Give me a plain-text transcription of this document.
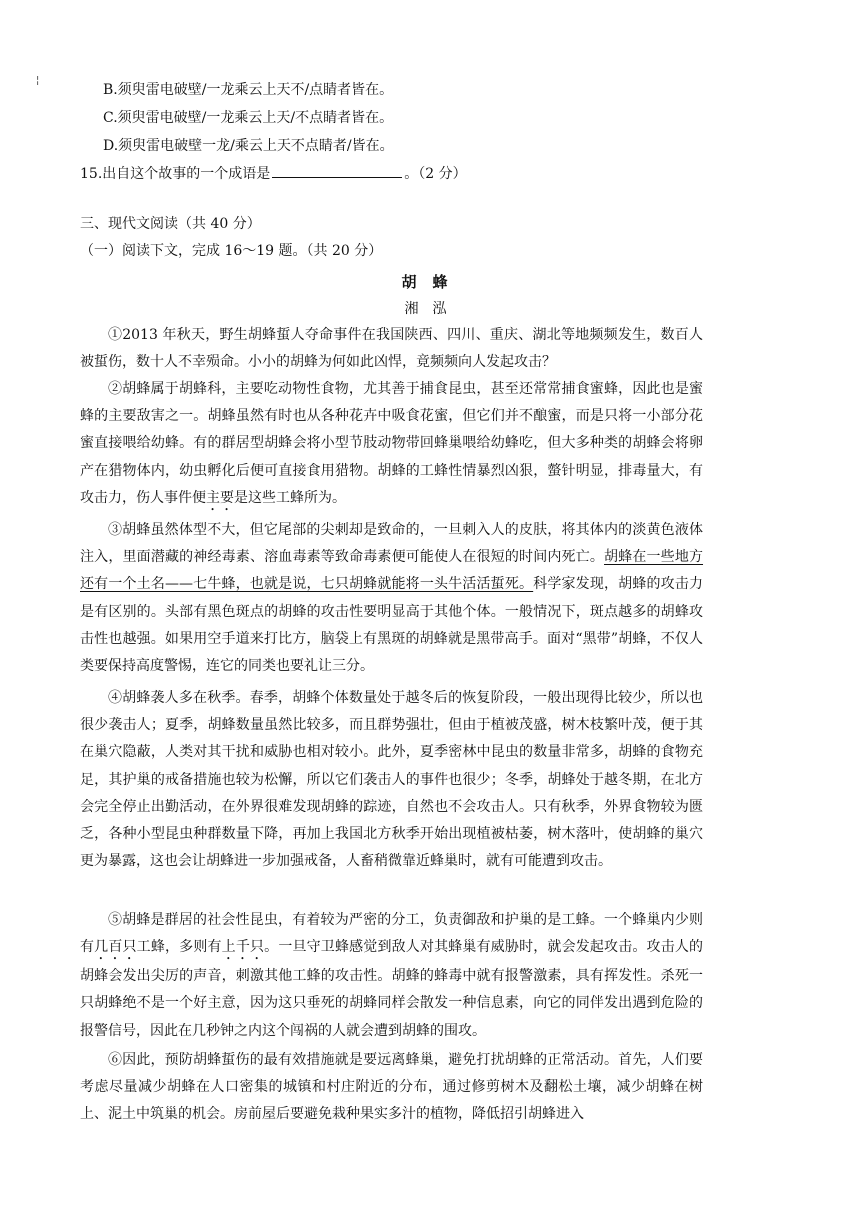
¦
B.须臾雷电破壁/一龙乘云上天不/点睛者皆在。
C.须臾雷电破壁/一龙乘云上天/不点睛者皆在。
D.须臾雷电破壁一龙/乘云上天不点睛者/皆在。
15.出自这个故事的一个成语是	。（2 分）
三、现代文阅读（共 40 分）
（一）阅读下文，完成 16～19 题。（共 20 分）
胡蜂
湘泓

①2013 年秋天，野生胡蜂蜇人夺命事件在我国陕西、四川、重庆、湖北等地频频发生，数百人被蜇伤，数十人不幸殒命。小小的胡蜂为何如此凶悍，竟频频向人发起攻击？

②胡蜂属于胡蜂科，主要吃动物性食物，尤其善于捕食昆虫，甚至还常常捕食蜜蜂，因此也是蜜蜂的主要敌害之一。胡蜂虽然有时也从各种花卉中吸食花蜜，但它们并不酿蜜，而是只将一小部分花蜜直接喂给幼蜂。有的群居型胡蜂会将小型节肢动物带回蜂巢喂给幼蜂吃，但大多种类的胡蜂会将卵产在猎物体内，幼虫孵化后便可直接食用猎物。胡蜂的工蜂性情暴烈凶狠，螫针明显，排毒量大，有攻击力，伤人事件便主要是这些工蜂所为。

③胡蜂虽然体型不大，但它尾部的尖刺却是致命的，一旦刺入人的皮肤，将其体内的淡黄色液体注入，里面潜藏的神经毒素、溶血毒素等致命毒素便可能使人在很短的时间内死亡。胡蜂在一些地方还有一个土名——七牛蜂，也就是说，七只胡蜂就能将一头牛活活蜇死。科学家发现，胡蜂的攻击力是有区别的。头部有黑色斑点的胡蜂的攻击性要明显高于其他个体。一般情况下，斑点越多的胡蜂攻击性也越强。如果用空手道来打比方，脑袋上有黑斑的胡蜂就是黑带高手。面对“黑带”胡蜂，不仅人类要保持高度警惕，连它的同类也要礼让三分。

④胡蜂袭人多在秋季。春季，胡蜂个体数量处于越冬后的恢复阶段，一般出现得比较少，所以也很少袭击人；夏季，胡蜂数量虽然比较多，而且群势强壮，但由于植被茂盛，树木枝繁叶茂，便于其在巢穴隐蔽，人类对其干扰和威胁也相对较小。此外，夏季密林中昆虫的数量非常多，胡蜂的食物充足，其护巢的戒备措施也较为松懈，所以它们袭击人的事件也很少；冬季，胡蜂处于越冬期，在北方会完全停止出勤活动，在外界很难发现胡蜂的踪迹，自然也不会攻击人。只有秋季，外界食物较为匮乏，各种小型昆虫种群数量下降，再加上我国北方秋季开始出现植被枯萎，树木落叶，使胡蜂的巢穴更为暴露，这也会让胡蜂进一步加强戒备，人畜稍微靠近蜂巢时，就有可能遭到攻击。

⑤胡蜂是群居的社会性昆虫，有着较为严密的分工，负责御敌和护巢的是工蜂。一个蜂巢内少则有几百只工蜂，多则有上千只。一旦守卫蜂感觉到敌人对其蜂巢有威胁时，就会发起攻击。攻击人的胡蜂会发出尖厉的声音，刺激其他工蜂的攻击性。胡蜂的蜂毒中就有报警激素，具有挥发性。杀死一只胡蜂绝不是一个好主意，因为这只垂死的胡蜂同样会散发一种信息素，向它的同伴发出遇到危险的报警信号，因此在几秒钟之内这个闯祸的人就会遭到胡蜂的围攻。

⑥因此，预防胡蜂蜇伤的最有效措施就是要远离蜂巢，避免打扰胡蜂的正常活动。首先，人们要考虑尽量减少胡蜂在人口密集的城镇和村庄附近的分布，通过修剪树木及翻松土壤，减少胡蜂在树上、泥土中筑巢的机会。房前屋后要避免栽种果实多汁的植物，降低招引胡蜂进入
